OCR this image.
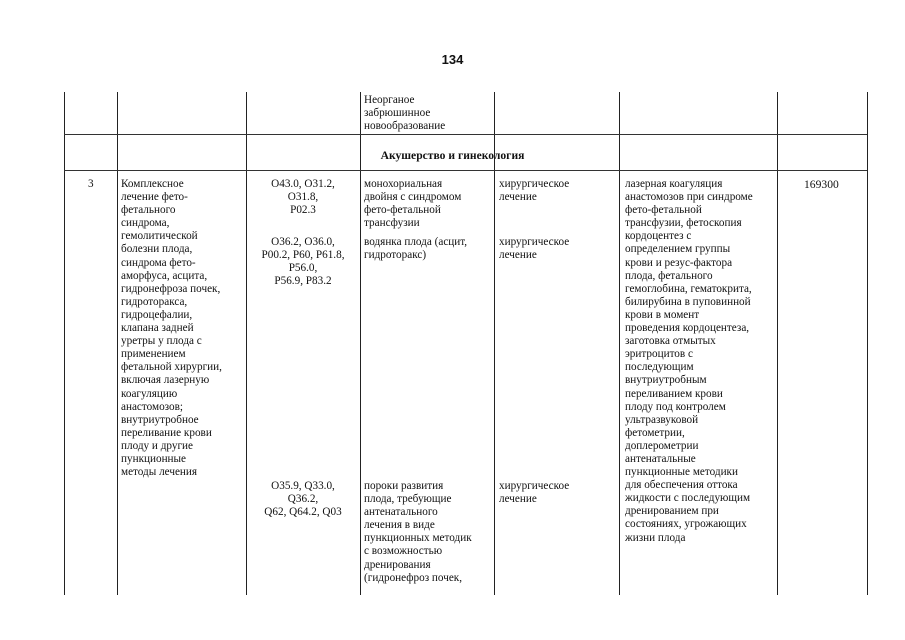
134
Неорганое
забрюшинное
новообразование
Акушерство и гинекология
3 Комплексное
лечение фето-
фетального
синдрома,
гемолитической
болезни плода,
синдрома фето-
аморфуса, асцита,
гидронефроза почек,
гидроторакса,
гидроцефалии,
клапана задней
уретры у плода с
применением
фетальной хирургии,
включая лазерную
коагуляцию
анастомозов;
внутриутробное
переливание крови
плоду и другие
пункционные
методы лечения
О43.0, О31.2,
О31.8,
Р02.3
О36.2, О36.0,
Р00.2, Р60, Р61.8,
Р56.0,
Р56.9, Р83.2
О35.9, Q33.0,
Q36.2,
Q62, Q64.2, Q03
монохориальная
двойня с синдромом
фето-фетальной
трансфузии
водянка плода (асцит,
гидроторакс)
пороки развития
плода, требующие
антенатального
лечения в виде
пункционных методик
с возможностью
дренирования
(гидронефроз почек,
хирургическое
лечение
хирургическое
лечение
хирургическое
лечение
лазерная коагуляция
анастомозов при синдроме
фето-фетальной
трансфузии, фетоскопия
кордоцентез с
определением группы
крови и резус-фактора
плода, фетального
гемоглобина, гематокрита,
билирубина в пуповинной
крови в момент
проведения кордоцентеза,
заготовка отмытых
эритроцитов с
последующим
внутриутробным
переливанием крови
плоду под контролем
ультразвуковой
фетометрии,
доплерометрии
антенатальные
пункционные методики
для обеспечения оттока
жидкости с последующим
дренированием при
состояниях, угрожающих
жизни плода
169300
